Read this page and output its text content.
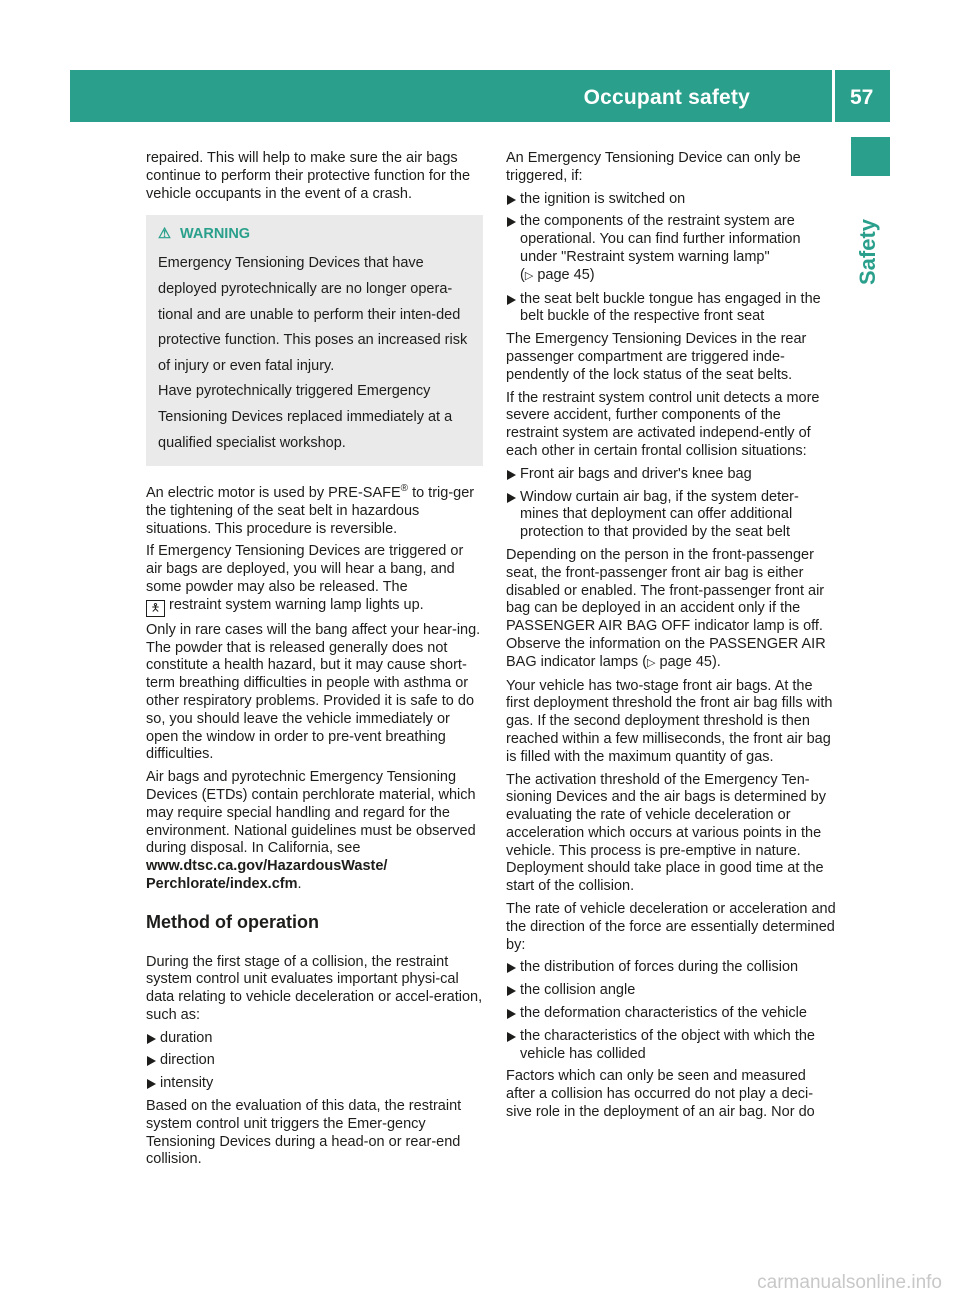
Occupant safety	57
Safety

repaired. This will help to make sure the air bags continue to perform their protective function for the vehicle occupants in the event of a crash.

⚠ WARNING

Emergency Tensioning Devices that have deployed pyrotechnically are no longer opera-tional and are unable to perform their inten-ded protective function. This poses an increased risk of injury or even fatal injury.

Have pyrotechnically triggered Emergency Tensioning Devices replaced immediately at a qualified specialist workshop.

An electric motor is used by PRE-SAFE® to trig-ger the tightening of the seat belt in hazardous situations. This procedure is reversible.

If Emergency Tensioning Devices are triggered or air bags are deployed, you will hear a bang, and some powder may also be released. The
🯅 restraint system warning lamp lights up.

Only in rare cases will the bang affect your hear-ing. The powder that is released generally does not constitute a health hazard, but it may cause short-term breathing difficulties in people with asthma or other respiratory problems. Provided it is safe to do so, you should leave the vehicle immediately or open the window in order to pre-vent breathing difficulties.

Air bags and pyrotechnic Emergency Tensioning Devices (ETDs) contain perchlorate material, which may require special handling and regard for the environment. National guidelines must be observed during disposal. In California, see www.dtsc.ca.gov/HazardousWaste/ Perchlorate/index.cfm.

Method of operation

During the first stage of a collision, the restraint system control unit evaluates important physi-cal data relating to vehicle deceleration or accel-eration, such as:

duration
direction
intensity

Based on the evaluation of this data, the restraint system control unit triggers the Emer-gency Tensioning Devices during a head-on or rear-end collision.

An Emergency Tensioning Device can only be triggered, if:

the ignition is switched on
the components of the restraint system are operational. You can find further information under "Restraint system warning lamp"
(▷ page 45)
the seat belt buckle tongue has engaged in the belt buckle of the respective front seat

The Emergency Tensioning Devices in the rear passenger compartment are triggered inde-pendently of the lock status of the seat belts.

If the restraint system control unit detects a more severe accident, further components of the restraint system are activated independ-ently of each other in certain frontal collision situations:

Front air bags and driver's knee bag
Window curtain air bag, if the system deter-mines that deployment can offer additional protection to that provided by the seat belt

Depending on the person in the front-passenger seat, the front-passenger front air bag is either disabled or enabled. The front-passenger front air bag can be deployed in an accident only if the PASSENGER AIR BAG OFF indicator lamp is off. Observe the information on the PASSENGER AIR BAG indicator lamps (▷ page 45).

Your vehicle has two-stage front air bags. At the first deployment threshold the front air bag fills with gas. If the second deployment threshold is then reached within a few milliseconds, the front air bag is filled with the maximum quantity of gas.

The activation threshold of the Emergency Ten-sioning Devices and the air bags is determined by evaluating the rate of vehicle deceleration or acceleration which occurs at various points in the vehicle. This process is pre-emptive in nature. Deployment should take place in good time at the start of the collision.

The rate of vehicle deceleration or acceleration and the direction of the force are essentially determined by:

the distribution of forces during the collision
the collision angle
the deformation characteristics of the vehicle
the characteristics of the object with which the vehicle has collided

Factors which can only be seen and measured after a collision has occurred do not play a deci-sive role in the deployment of an air bag. Nor do

carmanualsonline.info
